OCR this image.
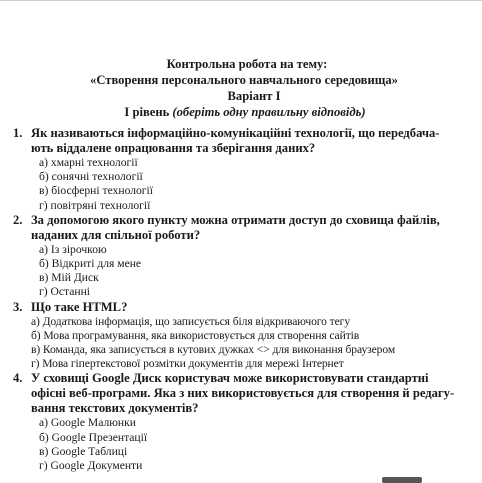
Контрольна робота на тему:
«Створення персонального навчального середовища»
Варіант І
І рівень (оберіть одну правильну відповідь)
1. Як називаються інформаційно-комунікаційні технології, що передбача-
ють віддалене опрацювання та зберігання даних?
а) хмарні технології
б) сонячні технології
в) біосферні технології
г) повітряні технології
2. За допомогою якого пункту можна отримати доступ до сховища файлів,
наданих для спільної роботи?
а) Із зірочкою
б) Відкриті для мене
в) Мій Диск
г) Останні
3. Що таке HTML?
а) Додаткова інформація, що записується біля відкриваючого тегу
б) Мова програмування, яка використовується для створення сайтів
в) Команда, яка записується в кутових дужках <> для виконання браузером
г) Мова гіпертекстової розмітки документів для мережі Інтернет
4. У сховищі Google Диск користувач може використовувати стандартні
офісні веб-програми. Яка з них використовується для створення й редагу-
вання текстових документів?
а) Google Малюнки
б) Google Презентації
в) Google Таблиці
г) Google Документи
